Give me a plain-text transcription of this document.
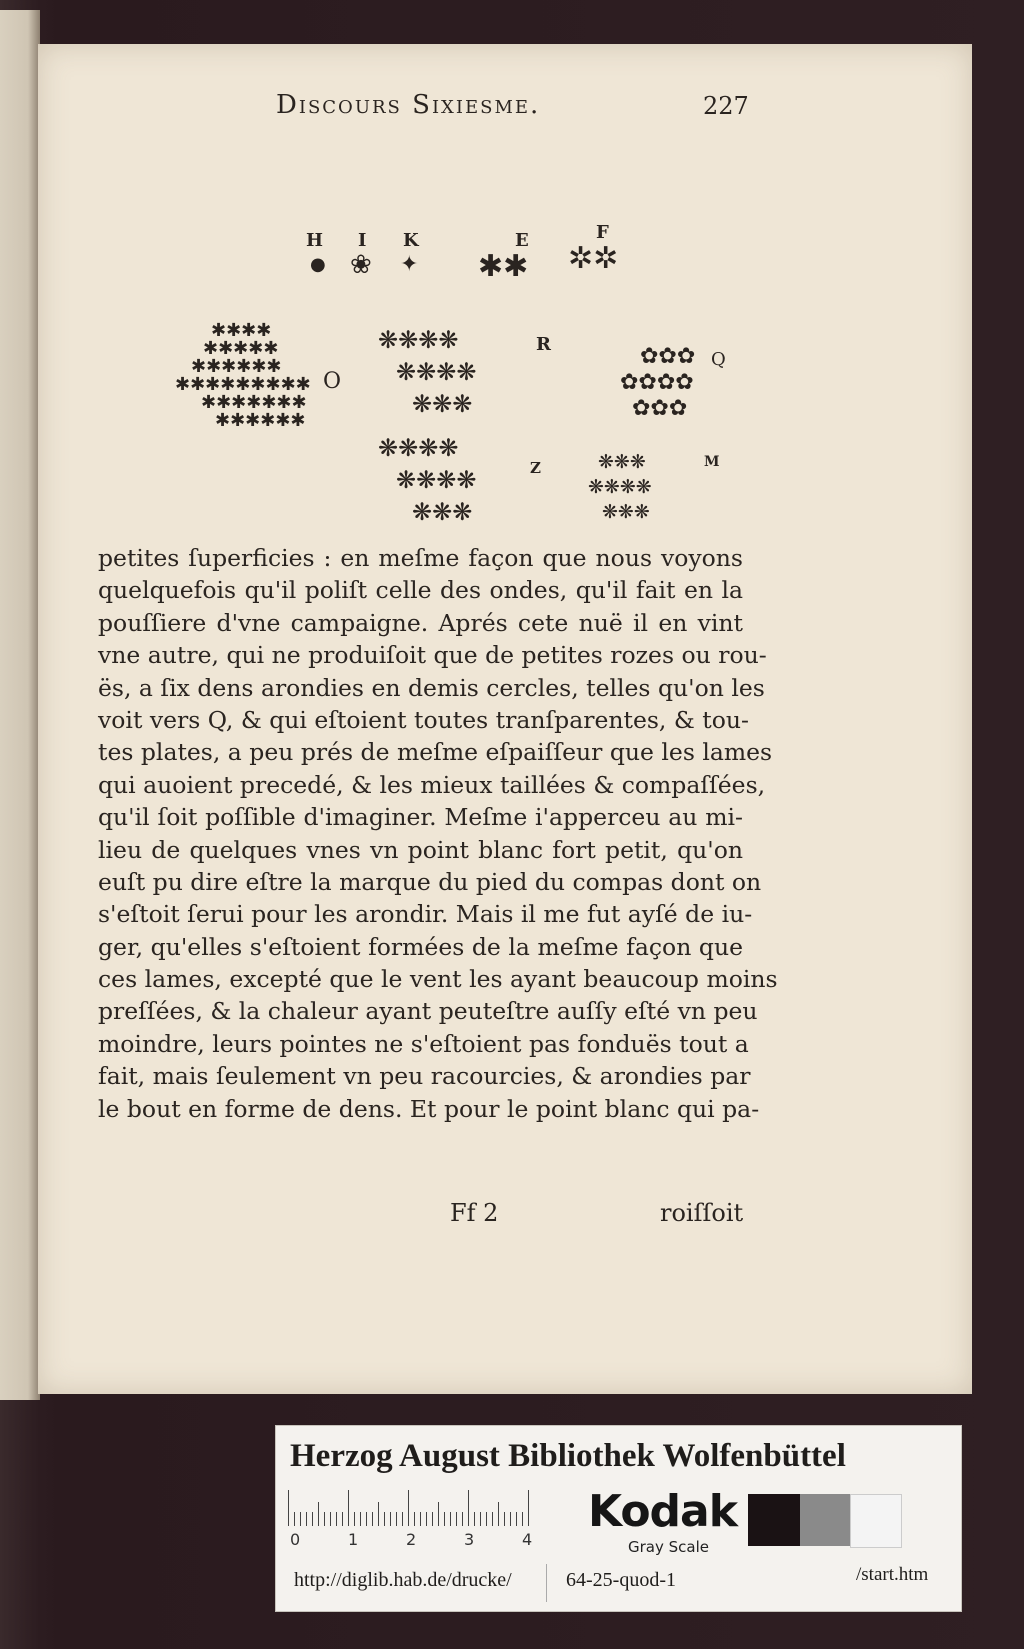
Discours Sixiesme.	227
H I K	E	F
O
R
Q
Z	M
● ❀ ✦ ✱✱ ✲✲
✱✱✱✱
✱✱✱✱✱
✱✱✱✱✱✱
✱✱✱✱✱✱✱✱✱
✱✱✱✱✱✱✱
✱✱✱✱✱✱
❋❋❋❋
❋❋❋❋
❋❋❋
✿✿✿
✿✿✿✿
✿✿✿
❋❋❋❋
❋❋❋❋
❋❋❋
❋❋❋
❋❋❋❋
❋❋❋
petites ſuperficies : en meſme façon que nous voyons
quelquefois qu'il poliſt celle des ondes, qu'il fait en la
pouſſiere d'vne campaigne. Aprés cete nuë il en vint
vne autre, qui ne produiſoit que de petites rozes ou rou-
ës, a ſix dens arondies en demis cercles, telles qu'on les
voit vers Q, & qui eſtoient toutes tranſparentes, & tou-
tes plates, a peu prés de meſme eſpaiſſeur que les lames
qui auoient precedé, & les mieux taillées & compaſſées,
qu'il ſoit poſſible d'imaginer. Meſme i'apperceu au mi-
lieu de quelques vnes vn point blanc fort petit, qu'on
euſt pu dire eſtre la marque du pied du compas dont on
s'eſtoit ſerui pour les arondir. Mais il me fut ayſé de iu-
ger, qu'elles s'eſtoient formées de la meſme façon que
ces lames, excepté que le vent les ayant beaucoup moins
preſſées, & la chaleur ayant peuteſtre auſſy eſté vn peu
moindre, leurs pointes ne s'eſtoient pas fonduës tout a
fait, mais ſeulement vn peu racourcies, & arondies par
le bout en forme de dens. Et pour le point blanc qui pa-
Ff 2	roiſſoit
Herzog August Bibliothek Wolfenbüttel
0	1	2	3	4
Kodak
Gray Scale
http://diglib.hab.de/drucke/	64-25-quod-1	/start.htm
